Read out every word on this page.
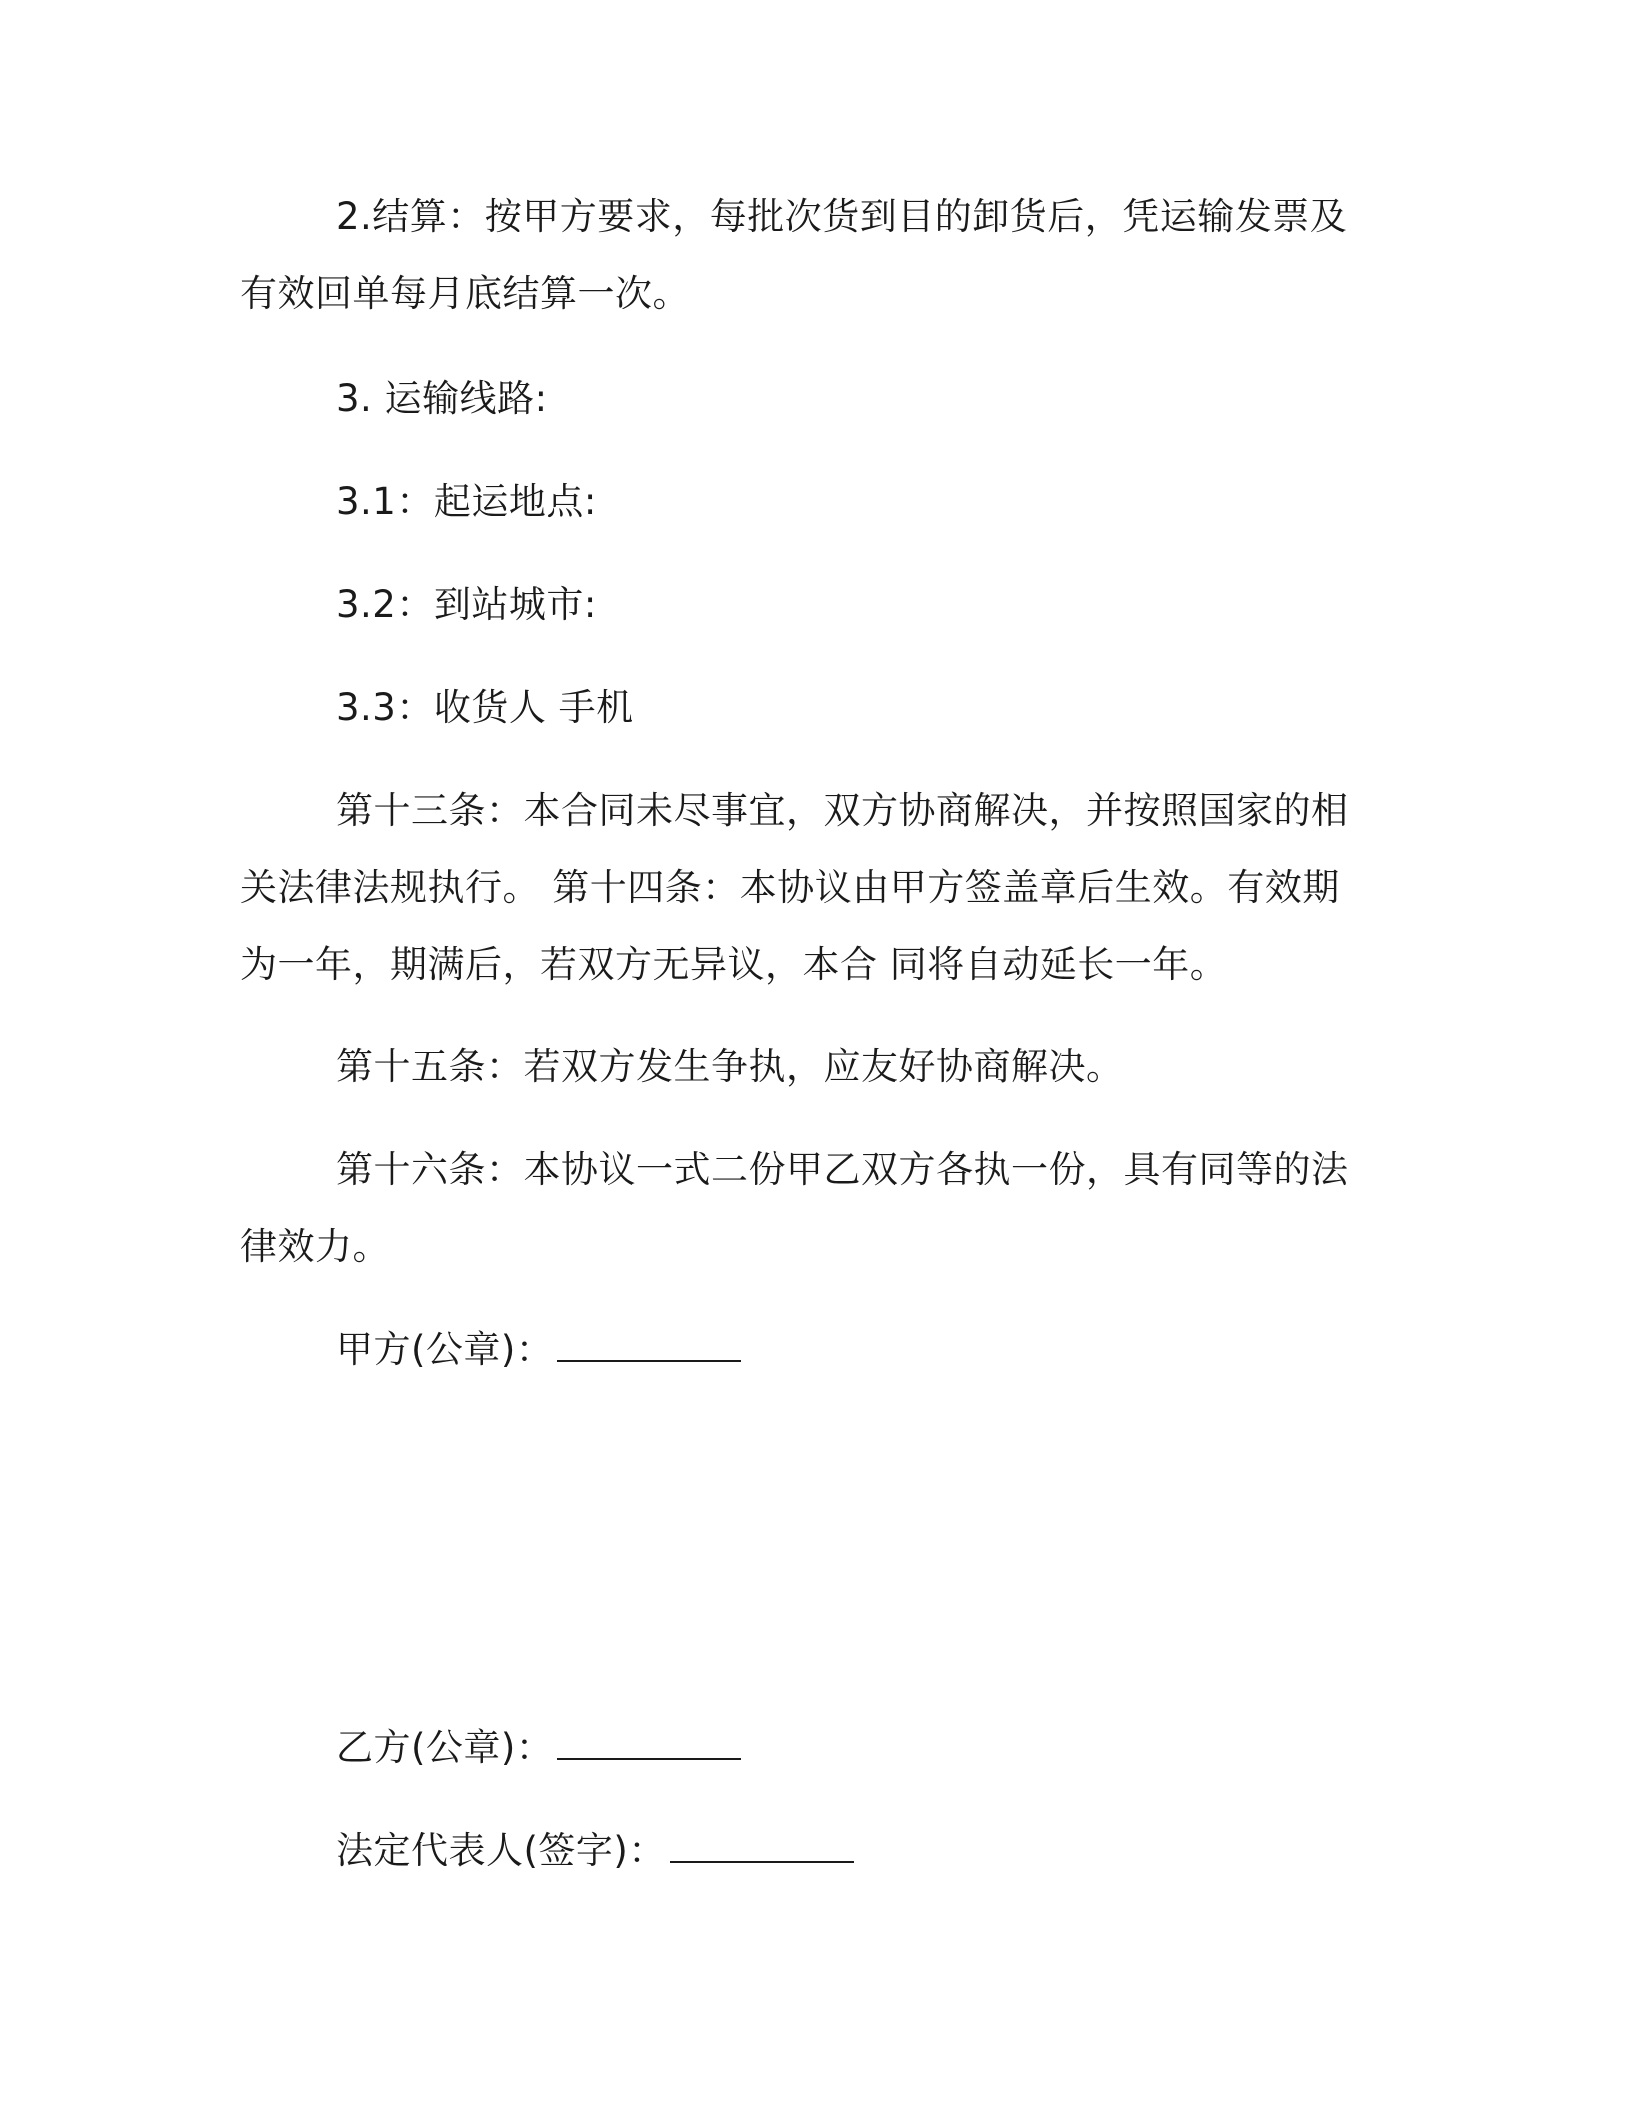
2.结算：按甲方要求，每批次货到目的卸货后，凭运输发票及有效回单每月底结算一次。

3. 运输线路:

3.1：起运地点:

3.2：到站城市:

3.3：收货人 手机

第十三条：本合同未尽事宜，双方协商解决，并按照国家的相关法律法规执行。 第十四条：本协议由甲方签盖章后生效。有效期为一年，期满后，若双方无异议，本合 同将自动延长一年。

第十五条：若双方发生争执，应友好协商解决。

第十六条：本协议一式二份甲乙双方各执一份，具有同等的法律效力。

甲方(公章)：
乙方(公章)：
法定代表人(签字)：
